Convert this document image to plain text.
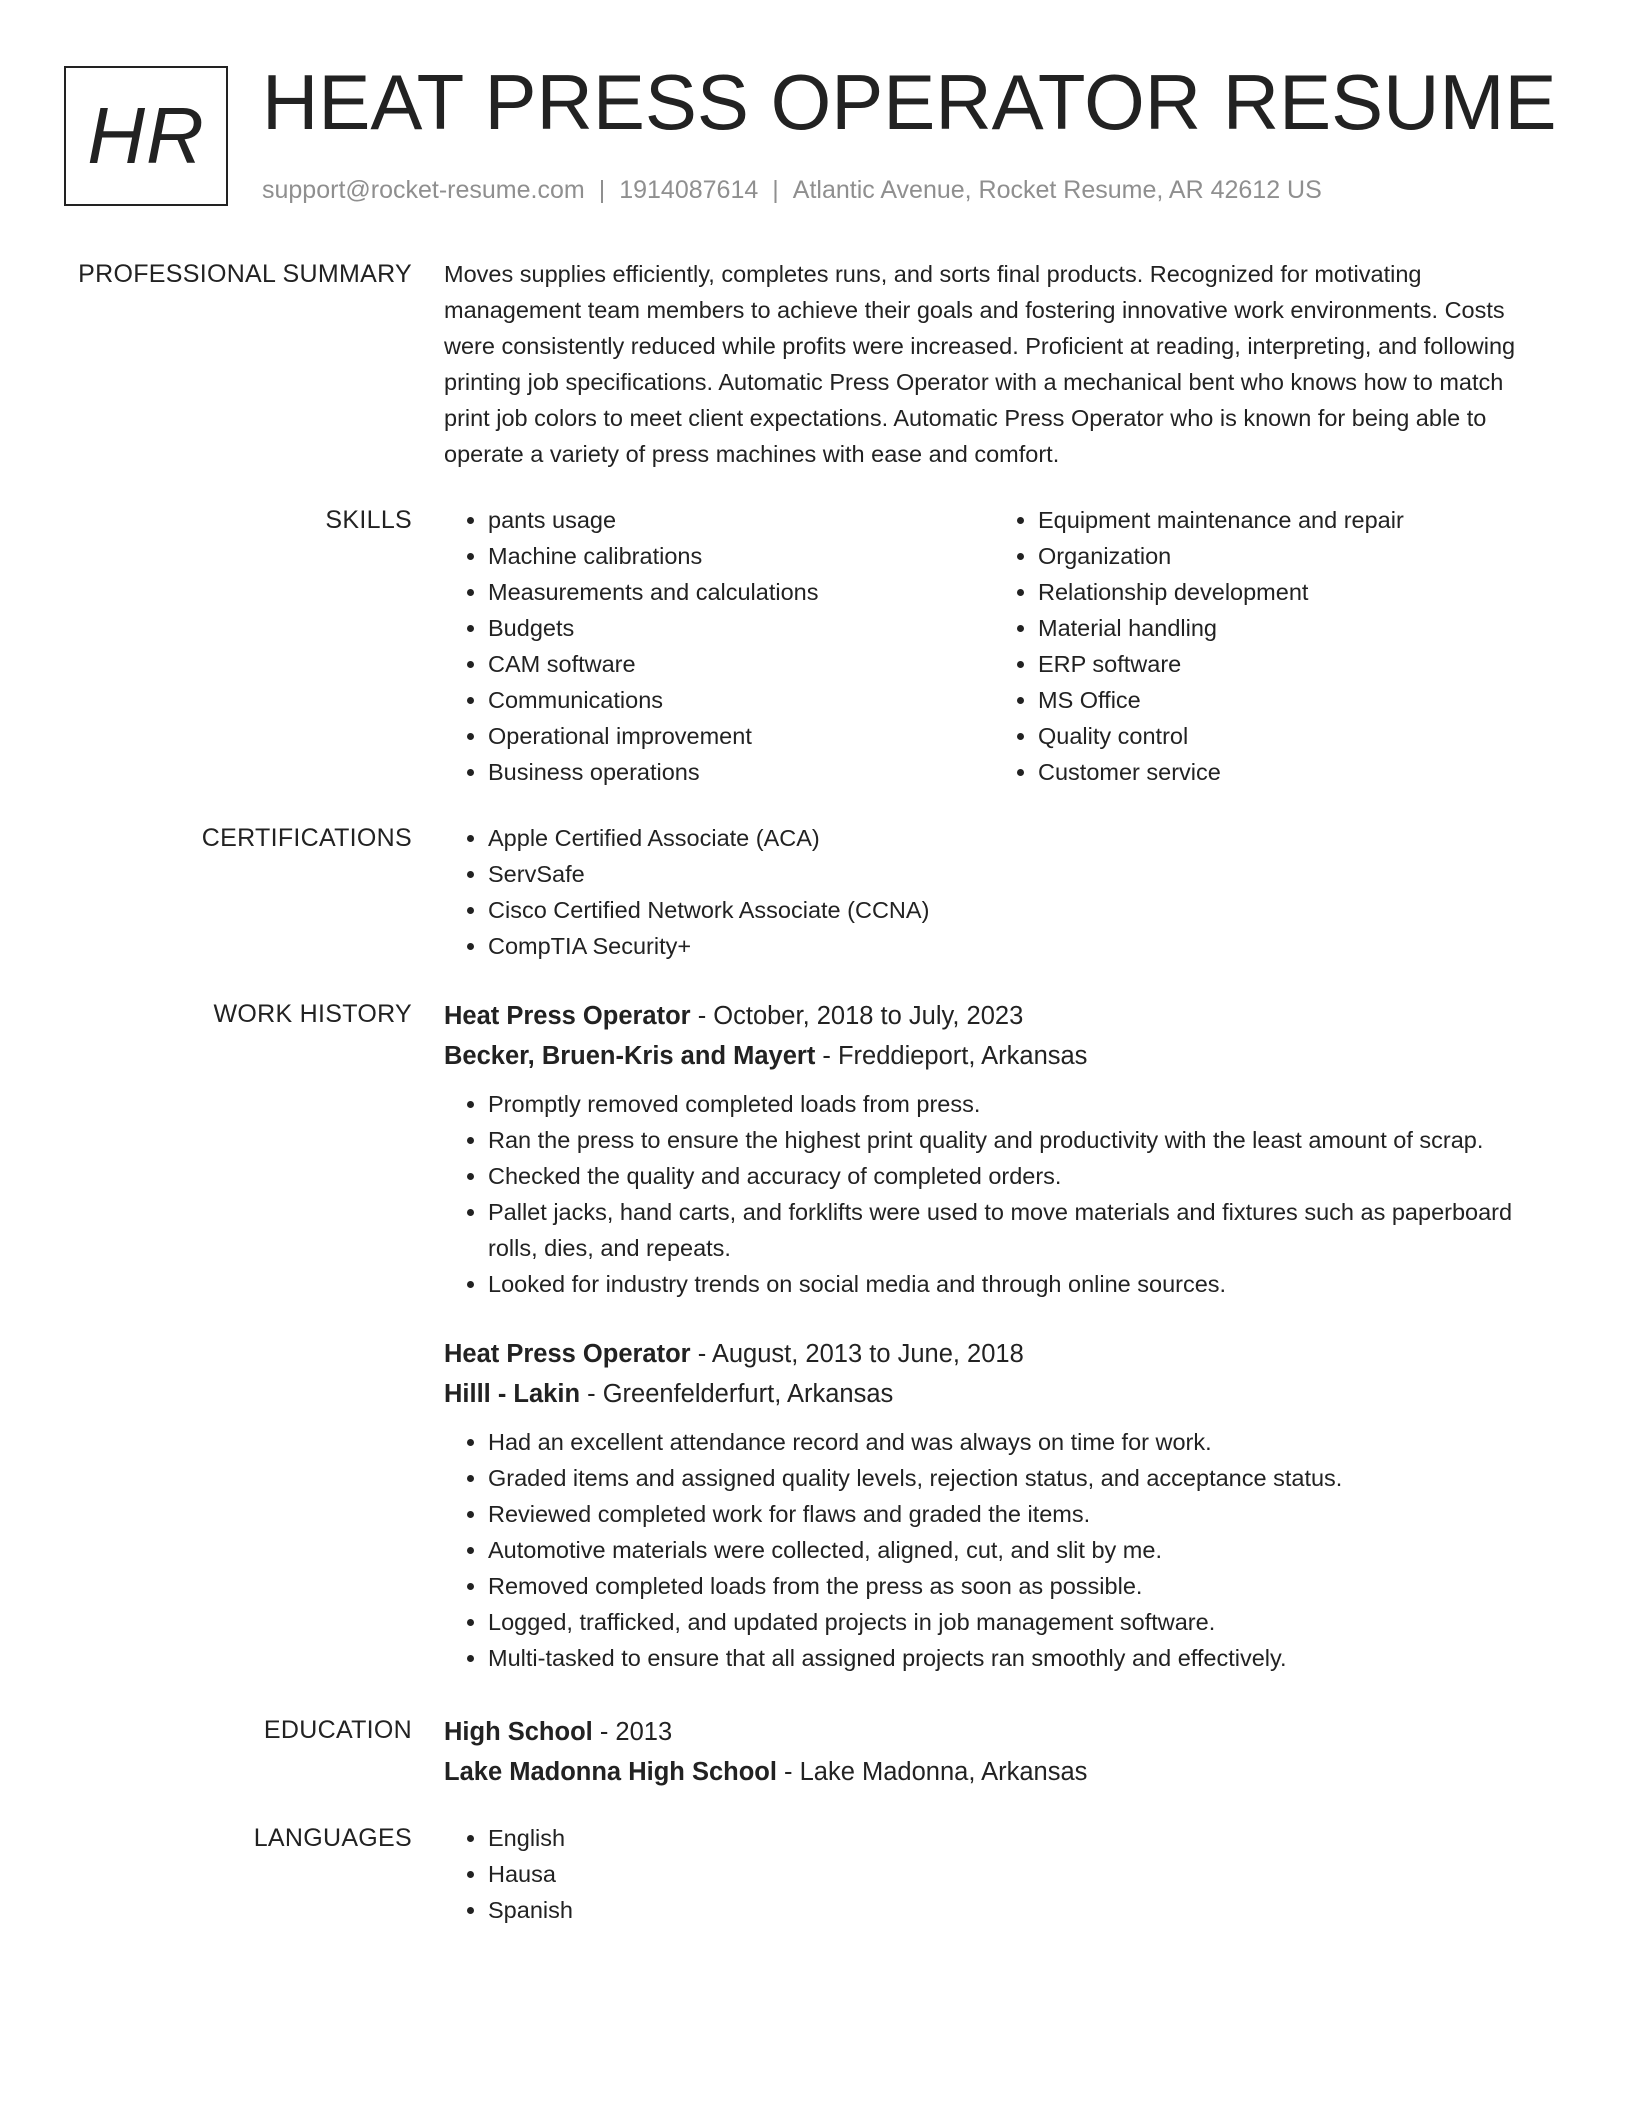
HR HEAT PRESS OPERATOR RESUME
support@rocket-resume.com | 1914087614 | Atlantic Avenue, Rocket Resume, AR 42612 US
PROFESSIONAL SUMMARY Moves supplies efficiently, completes runs, and sorts final products. Recognized for motivating management team members to achieve their goals and fostering innovative work environments. Costs were consistently reduced while profits were increased. Proficient at reading, interpreting, and following printing job specifications. Automatic Press Operator with a mechanical bent who knows how to match print job colors to meet client expectations. Automatic Press Operator who is known for being able to operate a variety of press machines with ease and comfort.

SKILLS	• pants usage
• Machine calibrations
• Measurements and calculations
• Budgets
• CAM software
• Communications
• Operational improvement
• Business operations
• Equipment maintenance and repair
• Organization
• Relationship development
• Material handling
• ERP software
• MS Office
• Quality control
• Customer service
CERTIFICATIONS	• Apple Certified Associate (ACA)
• ServSafe
• Cisco Certified Network Associate (CCNA)
• CompTIA Security+
WORK HISTORY Heat Press Operator - October, 2018 to July, 2023
Becker, Bruen-Kris and Mayert - Freddieport, Arkansas
• Promptly removed completed loads from press.
• Ran the press to ensure the highest print quality and productivity with the least amount of scrap.
• Checked the quality and accuracy of completed orders.
• Pallet jacks, hand carts, and forklifts were used to move materials and fixtures such as paperboard rolls, dies, and repeats.
• Looked for industry trends on social media and through online sources.
Heat Press Operator - August, 2013 to June, 2018
Hilll - Lakin - Greenfelderfurt, Arkansas
• Had an excellent attendance record and was always on time for work.
• Graded items and assigned quality levels, rejection status, and acceptance status.
• Reviewed completed work for flaws and graded the items.
• Automotive materials were collected, aligned, cut, and slit by me.
• Removed completed loads from the press as soon as possible.
• Logged, trafficked, and updated projects in job management software.
• Multi-tasked to ensure that all assigned projects ran smoothly and effectively.
EDUCATION High School - 2013
Lake Madonna High School - Lake Madonna, Arkansas
LANGUAGES	• English
• Hausa
• Spanish
